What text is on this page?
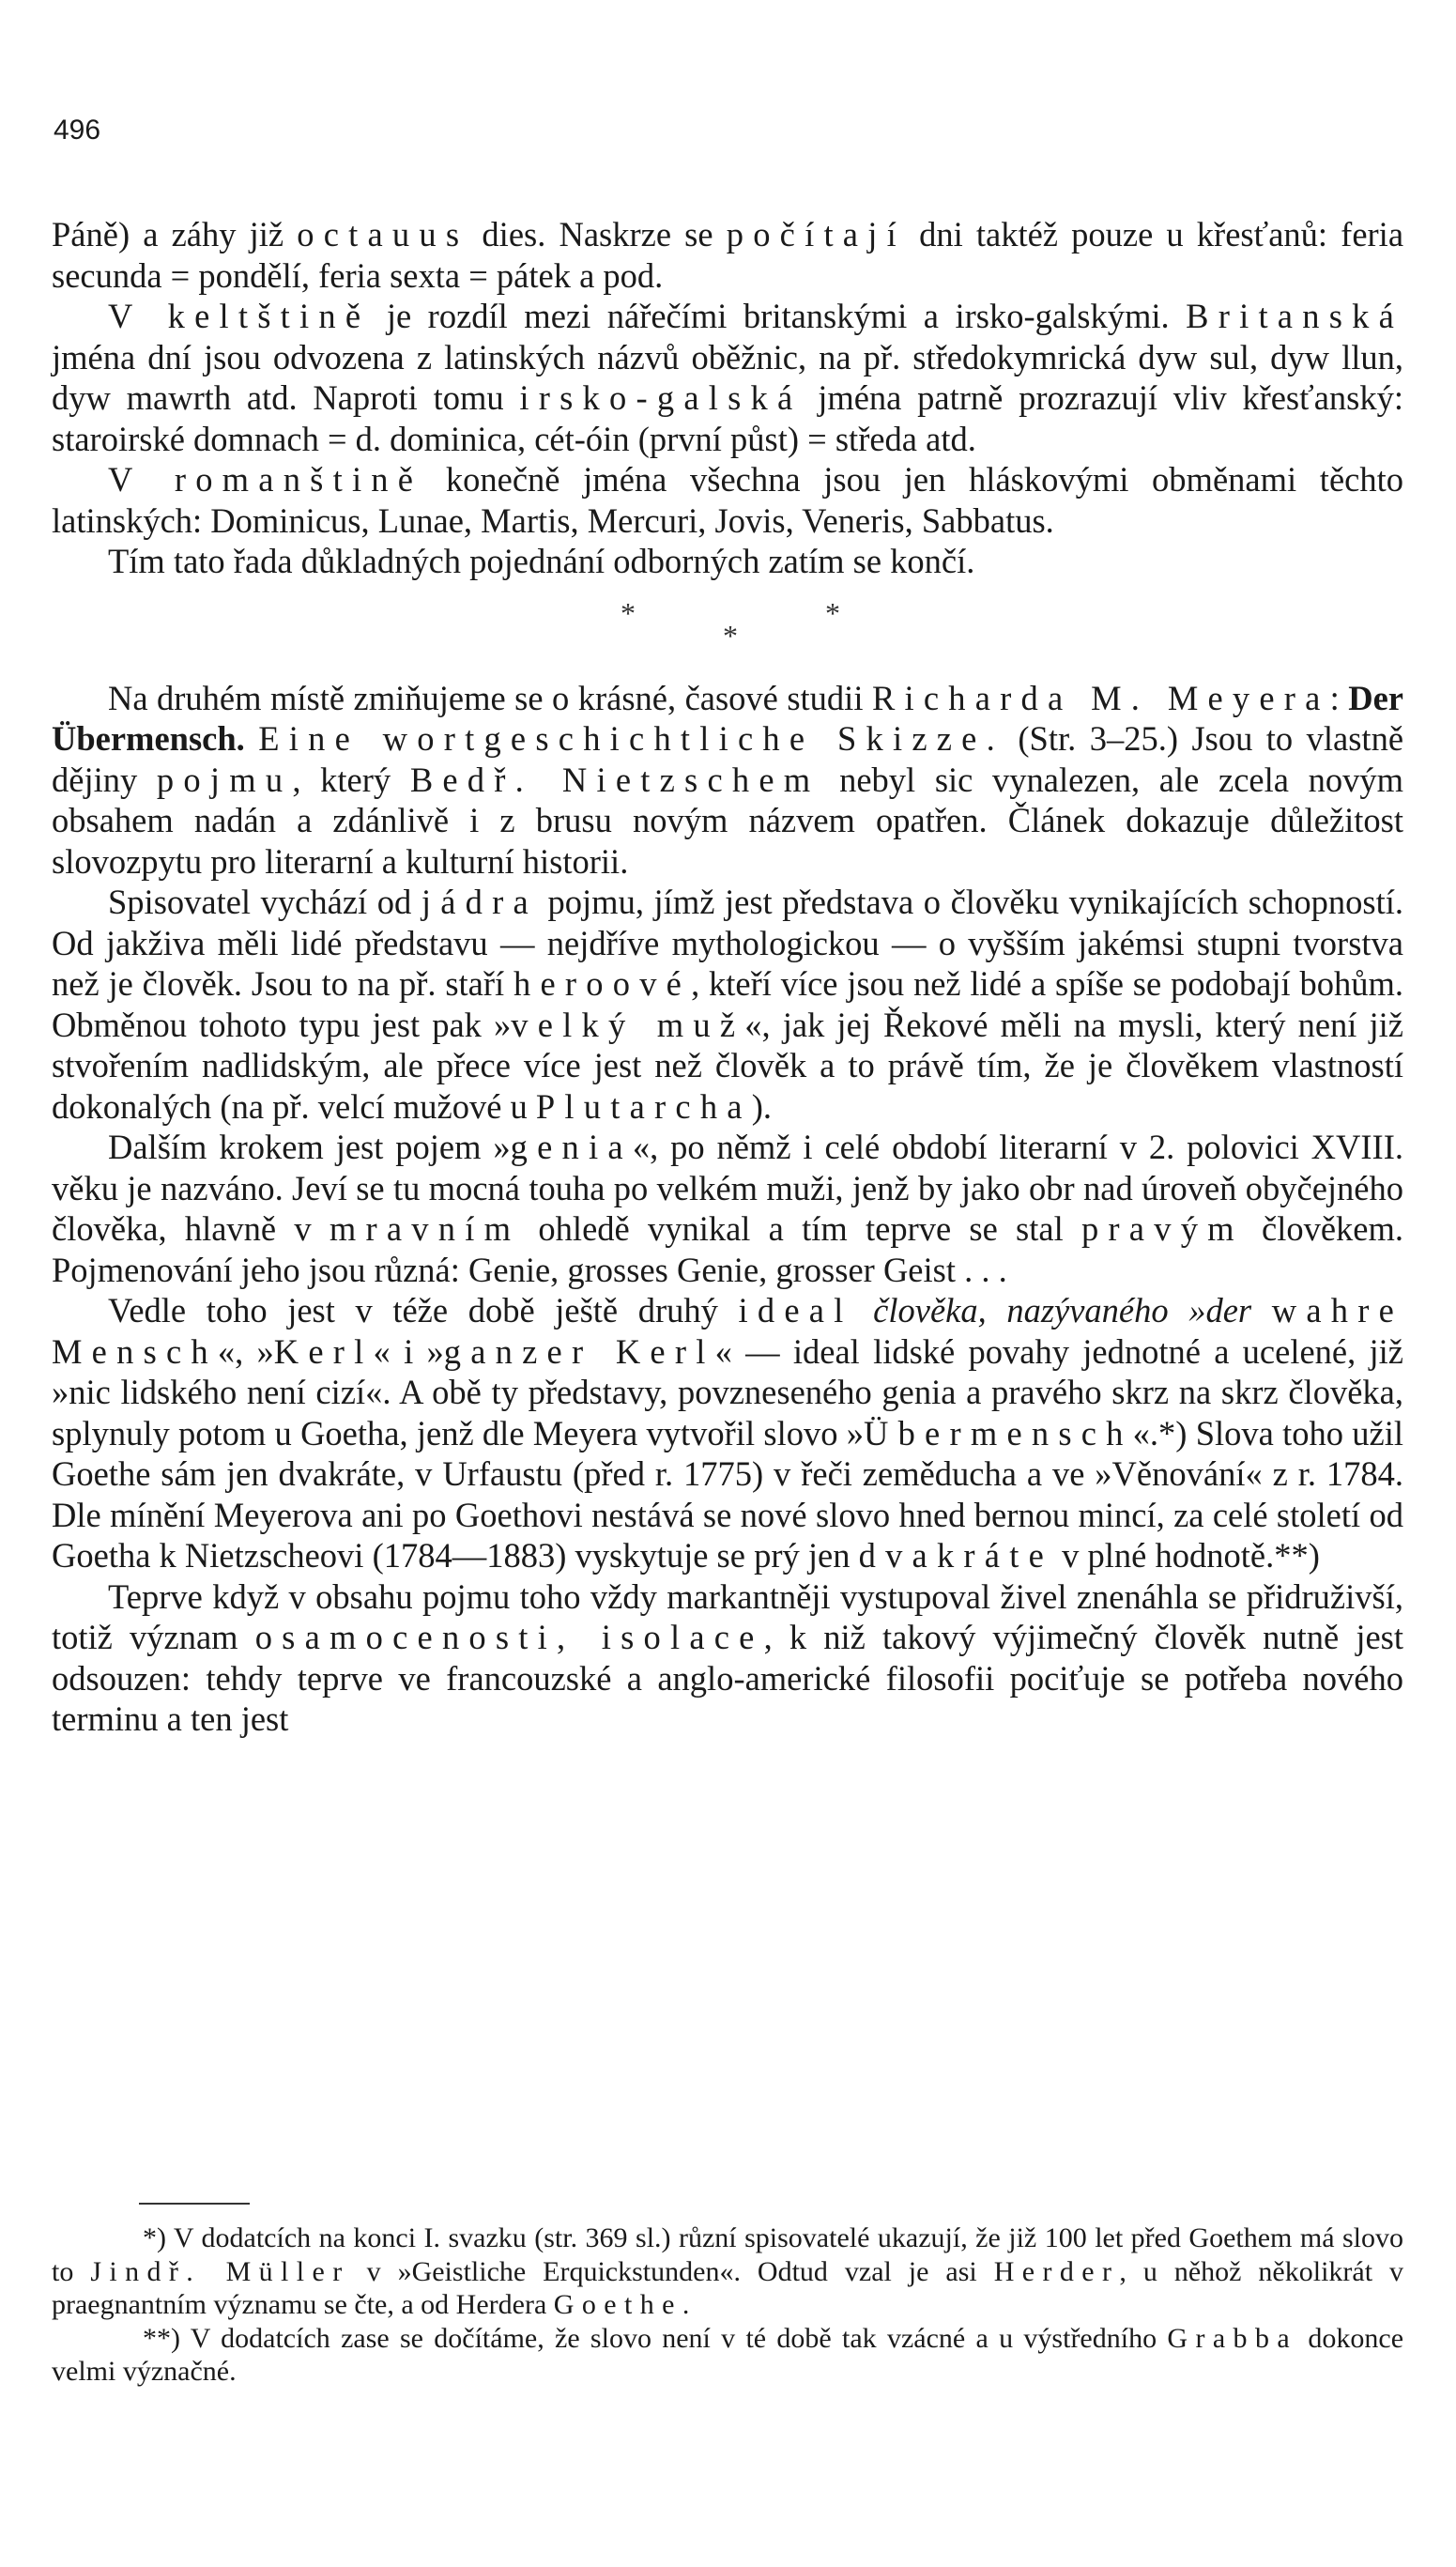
496

Páně) a záhy již octauus dies. Naskrze se počítají dni taktéž pouze u křesťanů: feria secunda = pondělí, feria sexta = pátek a pod.

V keltštině je rozdíl mezi nářečími britanskými a irsko-galskými. Britanská jména dní jsou odvozena z latinských názvů oběžnic, na př. středokymrická dyw sul, dyw llun, dyw mawrth atd. Naproti tomu irsko-galská jména patrně prozrazují vliv křesťanský: staroirské domnach = d. dominica, cét-óin (první půst) = středa atd.

V romanštině konečně jména všechna jsou jen hláskovými obměnami těchto latinských: Dominicus, Lunae, Martis, Mercuri, Jovis, Veneris, Sabbatus.

Tím tato řada důkladných pojednání odborných zatím se končí.

*	*
*

Na druhém místě zmiňujeme se o krásné, časové studii Richarda M. Meyera: Der Übermensch. Eine wortgeschichtliche Skizze. (Str. 3–25.) Jsou to vlastně dějiny pojmu, který Bedř. Nietzschem nebyl sic vynalezen, ale zcela novým obsahem nadán a zdánlivě i z brusu novým názvem opatřen. Článek dokazuje důležitost slovozpytu pro literarní a kulturní historii.

Spisovatel vychází od jádra pojmu, jímž jest představa o člověku vynikajících schopností. Od jakživa měli lidé představu — nejdříve mythologickou — o vyšším jakémsi stupni tvorstva než je člověk. Jsou to na př. staří heroové, kteří více jsou než lidé a spíše se podobají bohům. Obměnou tohoto typu jest pak »velký muž«, jak jej Řekové měli na mysli, který není již stvořením nadlidským, ale přece více jest než člověk a to právě tím, že je člověkem vlastností dokonalých (na př. velcí mužové u Plutarcha).

Dalším krokem jest pojem »genia«, po němž i celé období literarní v 2. polovici XVIII. věku je nazváno. Jeví se tu mocná touha po velkém muži, jenž by jako obr nad úroveň obyčejného člověka, hlavně v mravním ohledě vynikal a tím teprve se stal pravým člověkem. Pojmenování jeho jsou různá: Genie, grosses Genie, grosser Geist . . .

Vedle toho jest v téže době ještě druhý ideal člověka, nazývaného »der wahre Mensch«, »Kerl« i »ganzer Kerl« — ideal lidské povahy jednotné a ucelené, již »nic lidského není cizí«. A obě ty představy, povzneseného genia a pravého skrz na skrz člověka, splynuly potom u Goetha, jenž dle Meyera vytvořil slovo »Übermensch«.*) Slova toho užil Goethe sám jen dvakráte, v Urfaustu (před r. 1775) v řeči zeměducha a ve »Věnování« z r. 1784. Dle mínění Meyerova ani po Goethovi nestává se nové slovo hned bernou mincí, za celé století od Goetha k Nietzscheovi (1784—1883) vyskytuje se prý jen dvakráte v plné hodnotě.**)

Teprve když v obsahu pojmu toho vždy markantněji vystupoval živel znenáhla se přidruživší, totiž význam osamocenosti, isolace, k niž takový výjimečný člověk nutně jest odsouzen: tehdy teprve ve francouzské a anglo-americké filosofii pociťuje se potřeba nového terminu a ten jest

*) V dodatcích na konci I. svazku (str. 369 sl.) různí spisovatelé ukazují, že již 100 let před Goethem má slovo to Jindř. Müller v »Geistliche Erquickstunden«. Odtud vzal je asi Herder, u něhož několikrát v praegnantním významu se čte, a od Herdera Goethe.

**) V dodatcích zase se dočítáme, že slovo není v té době tak vzácné a u výstředního Grabba dokonce velmi význačné.
